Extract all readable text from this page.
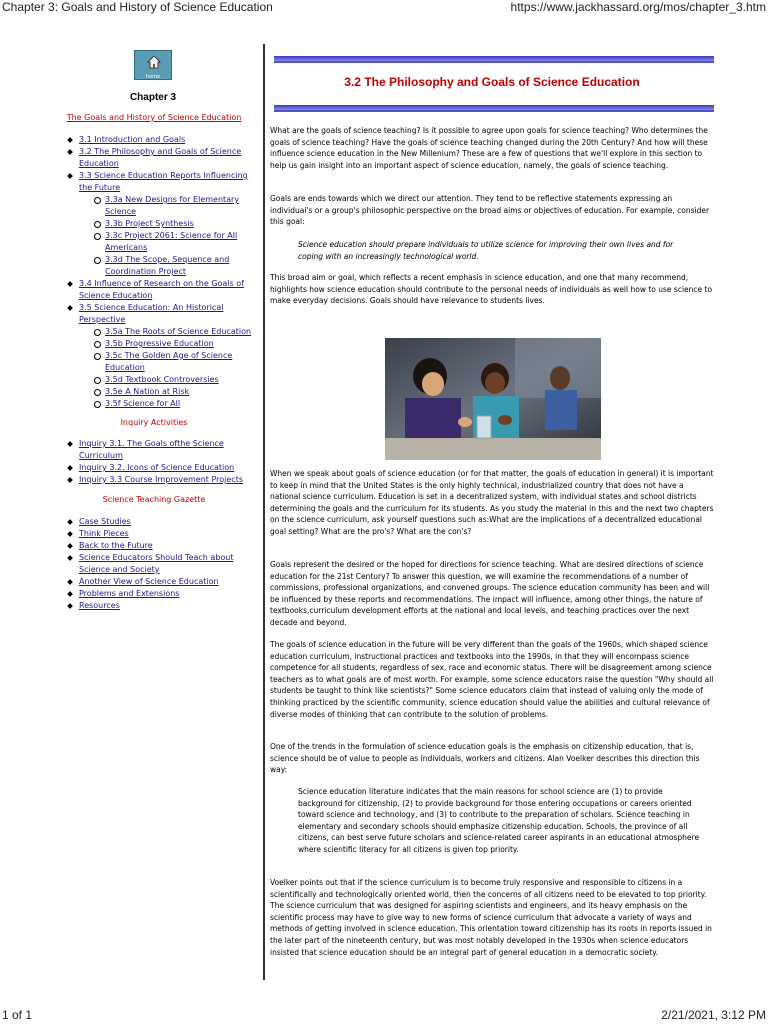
Chapter 3: Goals and History of Science Education	https://www.jackhassard.org/mos/chapter_3.htm
1 of 1	2/21/2021, 3:12 PM
home
Chapter 3
The Goals and History of Science Education
3.1 Introduction and Goals
3.2 The Philosophy and Goals of Science Education
3.3 Science Education Reports Influencing the Future
3.3a New Designs for Elementary Science
3.3b Project Synthesis
3.3c Project 2061: Science for All Americans
3.3d The Scope, Sequence and Coordination Project
3.4 Influence of Research on the Goals of Science Education
3.5 Science Education: An Historical Perspective
3.5a The Roots of Science Education
3.5b Progressive Education
3.5c The Golden Age of Science Education
3.5d Textbook Controversies
3.5e A Nation at Risk
3.5f Science for All
Inquiry Activities
Inquiry 3.1. The Goals ofthe Science Curriculum
Inquiry 3.2. Icons of Science Education
Inquiry 3.3 Course Improvement Projects
Science Teaching Gazette
Case Studies
Think Pieces
Back to the Future
Science Educators Should Teach about Science and Society
Another View of Science Education
Problems and Extensions
Resources
3.2 The Philosophy and Goals of Science Education

What are the goals of science teaching? Is it possible to agree upon goals for science teaching? Who determines the goals of science teaching? Have the goals of science teaching changed during the 20th Century? And how will these influence science education in the New Millenium? These are a few of questions that we'll explore in this section to help us gain insight into an important aspect of science education, namely, the goals of science teaching.

Goals are ends towards which we direct our attention. They tend to be reflective statements expressing an individual's or a group's philosophic perspective on the broad aims or objectives of education. For example, consider this goal:

Science education should prepare individuals to utilize science for improving their own lives and for coping with an increasingly technological world.

This broad aim or goal, which reflects a recent emphasis in science education, and one that many recommend, highlights how science education should contribute to the personal needs of individuals as well how to use science to make everyday decisions. Goals should have relevance to students lives.

When we speak about goals of science education (or for that matter, the goals of education in general) it is important to keep in mind that the United States is the only highly technical, industrialized country that does not have a national science curriculum. Education is set in a decentralized system, with individual states and school districts determining the goals and the curriculum for its students. As you study the material in this and the next two chapters on the science curriculum, ask yourself questions such as:What are the implications of a decentralized educational goal setting? What are the pro's? What are the con's?

Goals represent the desired or the hoped for directions for science teaching. What are desired directions of science education for the 21st Century? To answer this question, we will examine the recommendations of a number of commissions, professional organizations, and convened groups. The science education community has been and will be influenced by these reports and recommendations. The impact will influence, among other things, the nature of textbooks,curriculum development efforts at the national and local levels, and teaching practices over the next decade and beyond.

The goals of science education in the future will be very different than the goals of the 1960s, which shaped science education curriculum, instructional practices and textbooks into the 1990s, in that they will encompass science competence for all students, regardless of sex, race and economic status. There will be disagreement among science teachers as to what goals are of most worth. For example, some science educators raise the question "Why should all students be taught to think like scientists?" Some science educators claim that instead of valuing only the mode of thinking practiced by the scientific community, science education should value the abilities and cultural relevance of diverse modes of thinking that can contribute to the solution of problems.

One of the trends in the formulation of science education goals is the emphasis on citizenship education, that is, science should be of value to people as individuals, workers and citizens. Alan Voelker describes this direction this way:

Science education literature indicates that the main reasons for school science are (1) to provide background for citizenship, (2) to provide background for those entering occupations or careers oriented toward science and technology, and (3) to contribute to the preparation of scholars. Science teaching in elementary and secondary schools should emphasize citizenship education. Schools, the province of all citizens, can best serve future scholars and science-related career aspirants in an educational atmosphere where scientific literacy for all citizens is given top priority.

Voelker points out that if the science curriculum is to become truly responsive and responsible to citizens in a scientifically and technologically oriented world, then the concerns of all citizens need to be elevated to top priority. The science curriculum that was designed for aspiring scientists and engineers, and its heavy emphasis on the scientific process may have to give way to new forms of science curriculum that advocate a variety of ways and methods of getting involved in science education. This orientation toward citizenship has its roots in reports issued in the later part of the nineteenth century, but was most notably developed in the 1930s when science educators insisted that science education should be an integral part of general education in a democratic society.
